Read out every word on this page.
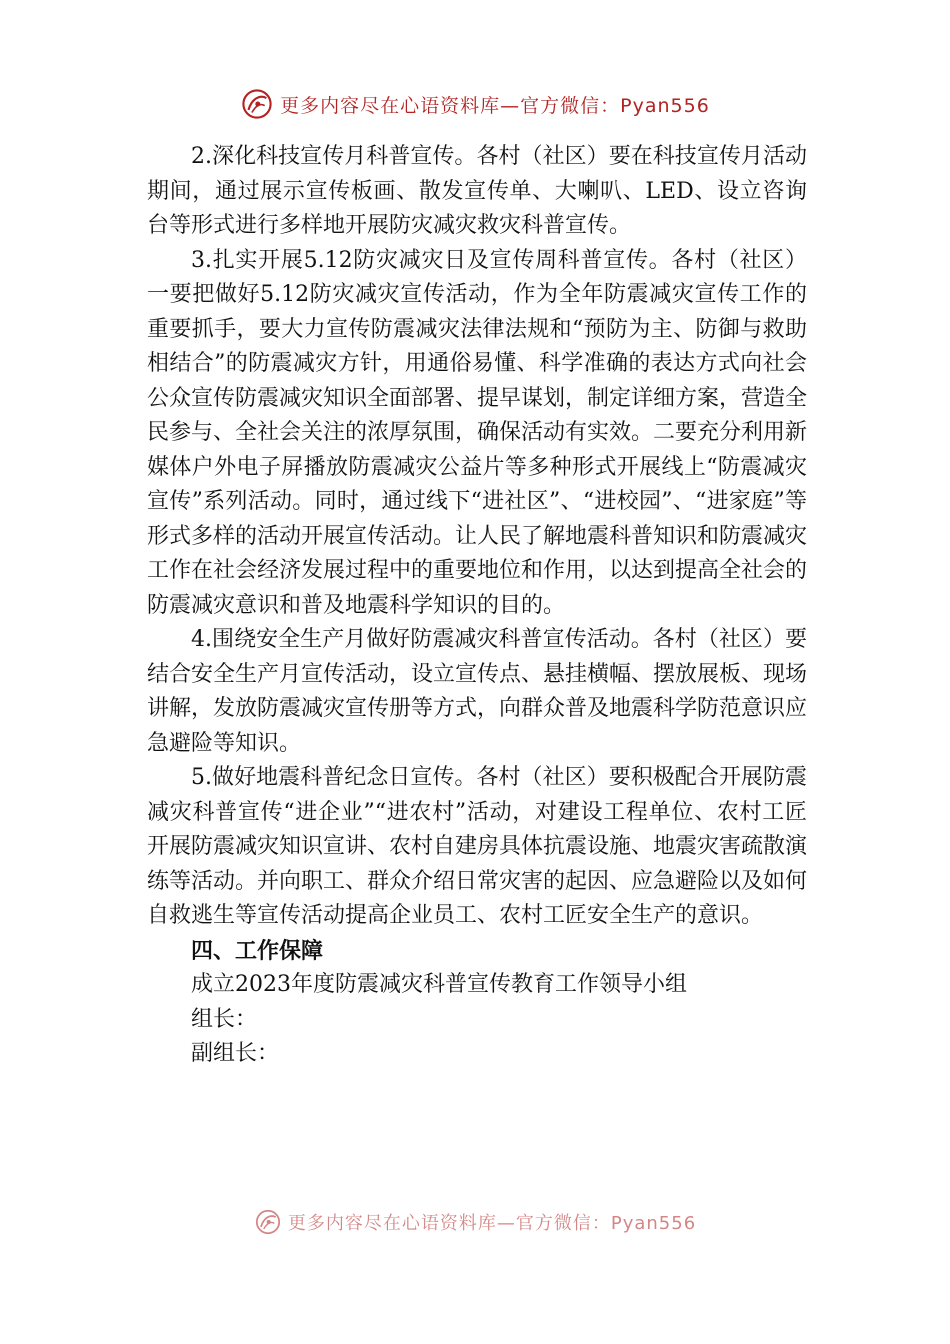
更多内容尽在心语资料库—官方微信：Pyan556

2.深化科技宣传月科普宣传。各村（社区）要在科技宣传月活动期间，通过展示宣传板画、散发宣传单、大喇叭、LED、设立咨询台等形式进行多样地开展防灾减灾救灾科普宣传。

3.扎实开展5.12防灾减灾日及宣传周科普宣传。各村（社区）一要把做好5.12防灾减灾宣传活动，作为全年防震减灾宣传工作的重要抓手，要大力宣传防震减灾法律法规和“预防为主、防御与救助相结合”的防震减灾方针，用通俗易懂、科学准确的表达方式向社会公众宣传防震减灾知识全面部署、提早谋划，制定详细方案，营造全民参与、全社会关注的浓厚氛围，确保活动有实效。二要充分利用新媒体户外电子屏播放防震减灾公益片等多种形式开展线上“防震减灾宣传”系列活动。同时，通过线下“进社区”、“进校园”、“进家庭”等形式多样的活动开展宣传活动。让人民了解地震科普知识和防震减灾工作在社会经济发展过程中的重要地位和作用，以达到提高全社会的防震减灾意识和普及地震科学知识的目的。

4.围绕安全生产月做好防震减灾科普宣传活动。各村（社区）要结合安全生产月宣传活动，设立宣传点、悬挂横幅、摆放展板、现场讲解，发放防震减灾宣传册等方式，向群众普及地震科学防范意识应急避险等知识。

5.做好地震科普纪念日宣传。各村（社区）要积极配合开展防震减灾科普宣传“进企业”“进农村”活动，对建设工程单位、农村工匠开展防震减灾知识宣讲、农村自建房具体抗震设施、地震灾害疏散演练等活动。并向职工、群众介绍日常灾害的起因、应急避险以及如何自救逃生等宣传活动提高企业员工、农村工匠安全生产的意识。

四、工作保障

成立2023年度防震减灾科普宣传教育工作领导小组

组长：

副组长：

更多内容尽在心语资料库—官方微信：Pyan556
